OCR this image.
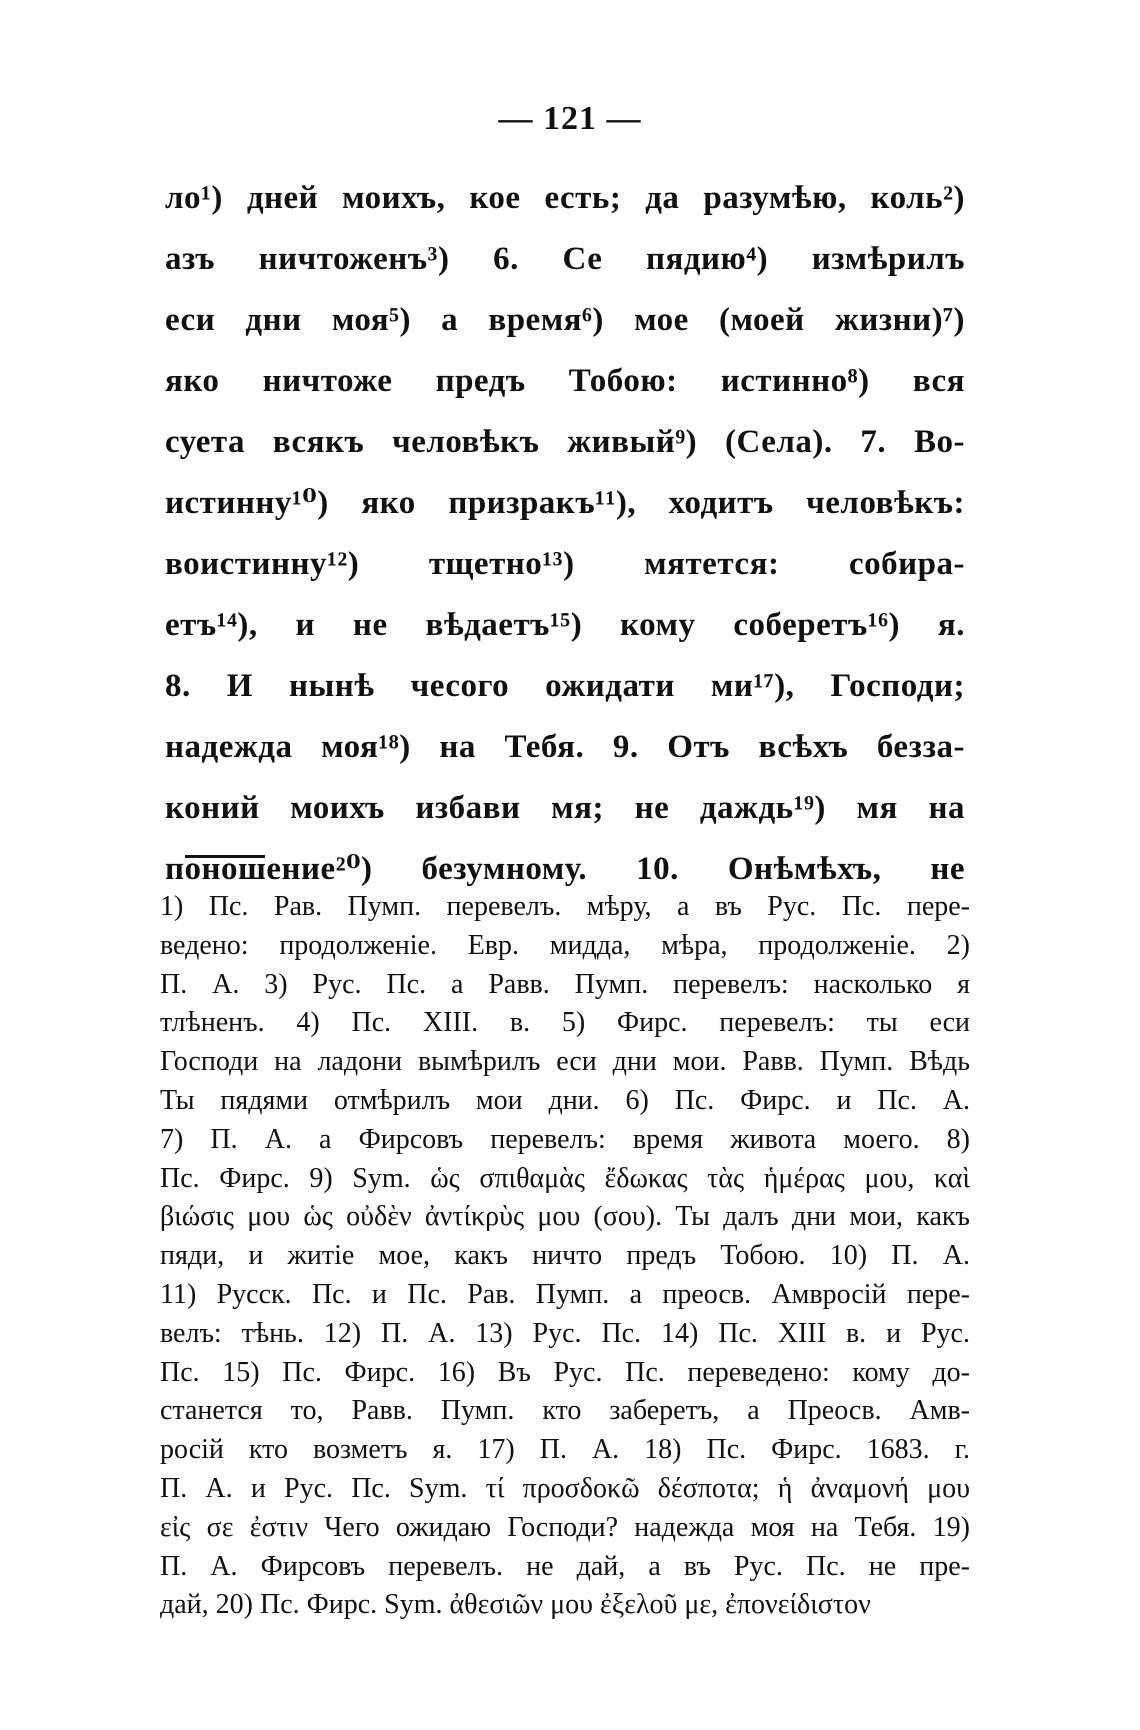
— 121 —
ло¹) дней моихъ, кое есть; да разумѣю, коль²)
азъ ничтоженъ³) 6. Се пядию⁴) измѣрилъ
еси дни моя⁵) а время⁶) мое (моей жизни)⁷)
яко ничтоже предъ Тобою: истинно⁸) вся
суета всякъ человѣкъ живый⁹) (Села). 7. Во-
истинну¹⁰) яко призракъ¹¹), ходитъ человѣкъ:
воистинну¹²) тщетно¹³) мятется: собира-
етъ¹⁴), и не вѣдаетъ¹⁵) кому соберетъ¹⁶) я.
8. И нынѣ чесого ожидати ми¹⁷), Господи;
надежда моя¹⁸) на Тебя. 9. Отъ всѣхъ безза-
коний моихъ избави мя; не даждь¹⁹) мя на
поношение²⁰) безумному. 10. Онѣмѣхъ, не
1) Пс. Рав. Пумп. перевелъ. мѣру, а въ Рус. Пс. пере-
ведено: продолженіе. Евр. мидда, мѣра, продолженіе. 2)
П. А. 3) Рус. Пс. а Равв. Пумп. перевелъ: насколько я
тлѣненъ. 4) Пс. XIII. в. 5) Фирс. перевелъ: ты еси
Господи на ладони вымѣрилъ еси дни мои. Равв. Пумп. Вѣдь
Ты пядями отмѣрилъ мои дни. 6) Пс. Фирс. и Пс. А.
7) П. А. а Фирсовъ перевелъ: время живота моего. 8)
Пс. Фирс. 9) Sym. ὡς σπιθαμὰς ἔδωκας τὰς ἡμέρας μου, καὶ
βιώσις μου ὡς οὐδὲν ἀντίκρὺς μου (σου). Ты далъ дни мои, какъ
пяди, и житіе мое, какъ ничто предъ Тобою. 10) П. А.
11) Русск. Пс. и Пс. Рав. Пумп. а преосв. Амвросій пере-
велъ: тѣнь. 12) П. А. 13) Рус. Пс. 14) Пс. XIII в. и Рус.
Пс. 15) Пс. Фирс. 16) Въ Рус. Пс. переведено: кому до-
станется то, Равв. Пумп. кто заберетъ, а Преосв. Амв-
росій кто возметъ я. 17) П. А. 18) Пс. Фирс. 1683. г.
П. А. и Рус. Пс. Sym. τί προσδοκῶ δέσποτα; ἡ ἀναμονή μου
εἰς σε ἐστιν Чего ожидаю Господи? надежда моя на Тебя. 19)
П. А. Фирсовъ перевелъ. не дай, а въ Рус. Пс. не пре-
дай, 20) Пс. Фирс. Sym. ἀθεσιῶν μου ἐξελοῦ με, ἐπονείδιστον
